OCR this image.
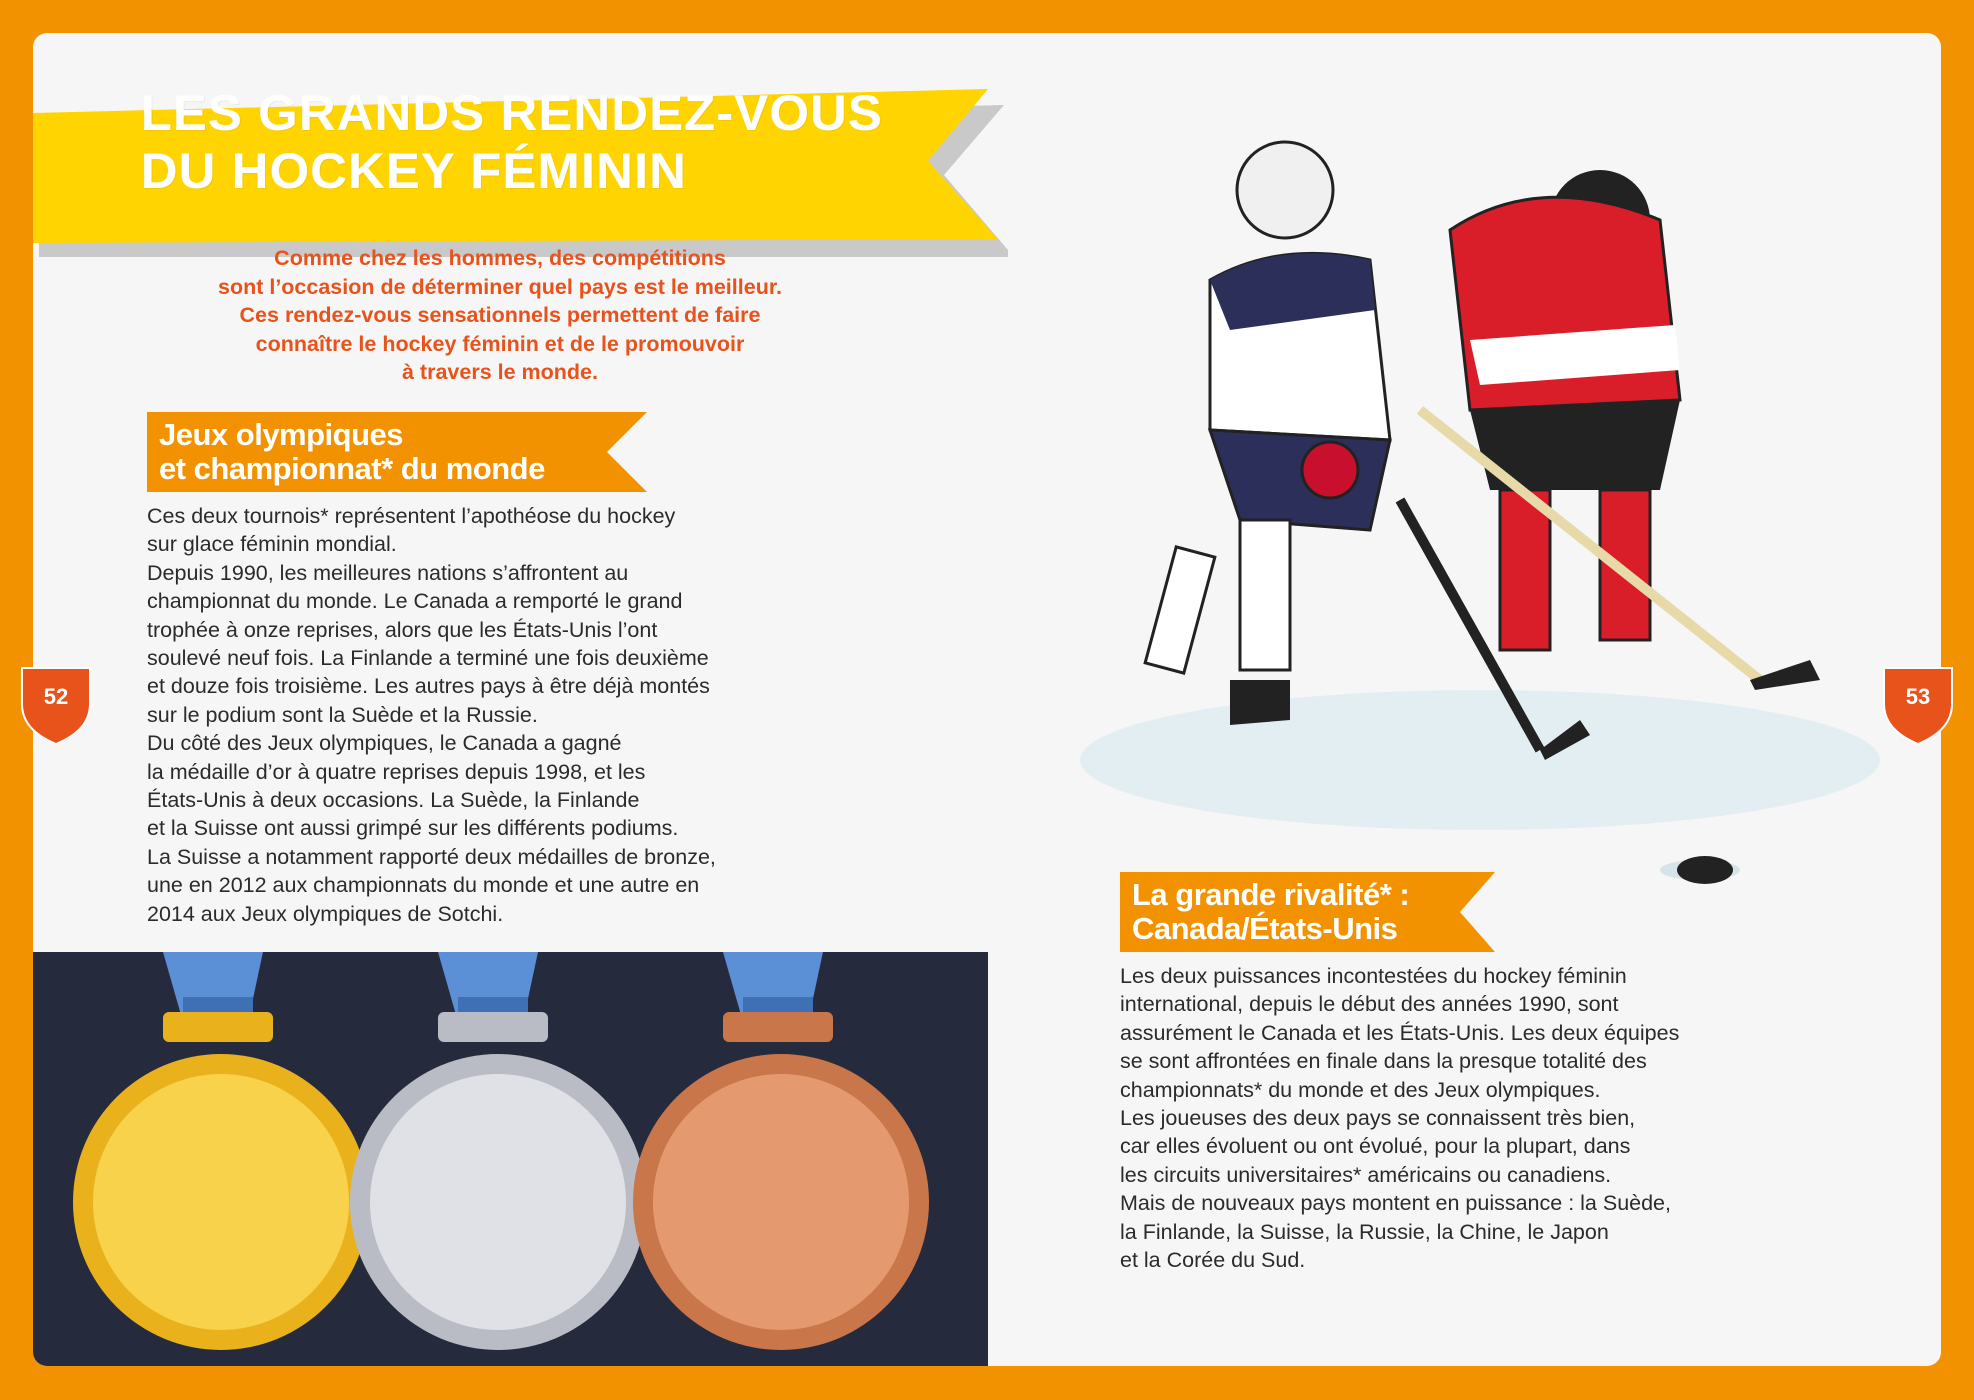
LES GRANDS RENDEZ-VOUS
DU HOCKEY FÉMININ
Comme chez les hommes, des compétitions
sont l’occasion de déterminer quel pays est le meilleur.
Ces rendez-vous sensationnels permettent de faire
connaître le hockey féminin et de le promouvoir
à travers le monde.
Jeux olympiques
et championnat* du monde
Ces deux tournois* représentent l’apothéose du hockey
sur glace féminin mondial.
Depuis 1990, les meilleures nations s’affrontent au
championnat du monde. Le Canada a remporté le grand
trophée à onze reprises, alors que les États-Unis l’ont
soulevé neuf fois. La Finlande a terminé une fois deuxième
et douze fois troisième. Les autres pays à être déjà montés
sur le podium sont la Suède et la Russie.
Du côté des Jeux olympiques, le Canada a gagné
la médaille d’or à quatre reprises depuis 1998, et les
États-Unis à deux occasions. La Suède, la Finlande
et la Suisse ont aussi grimpé sur les différents podiums.
La Suisse a notamment rapporté deux médailles de bronze,
une en 2012 aux championnats du monde et une autre en
2014 aux Jeux olympiques de Sotchi.
La grande rivalité* :
Canada/États-Unis
Les deux puissances incontestées du hockey féminin
international, depuis le début des années 1990, sont
assurément le Canada et les États-Unis. Les deux équipes
se sont affrontées en finale dans la presque totalité des
championnats* du monde et des Jeux olympiques.
Les joueuses des deux pays se connaissent très bien,
car elles évoluent ou ont évolué, pour la plupart, dans
les circuits universitaires* américains ou canadiens.
Mais de nouveaux pays montent en puissance : la Suède,
la Finlande, la Suisse, la Russie, la Chine, le Japon
et la Corée du Sud.
52	53
